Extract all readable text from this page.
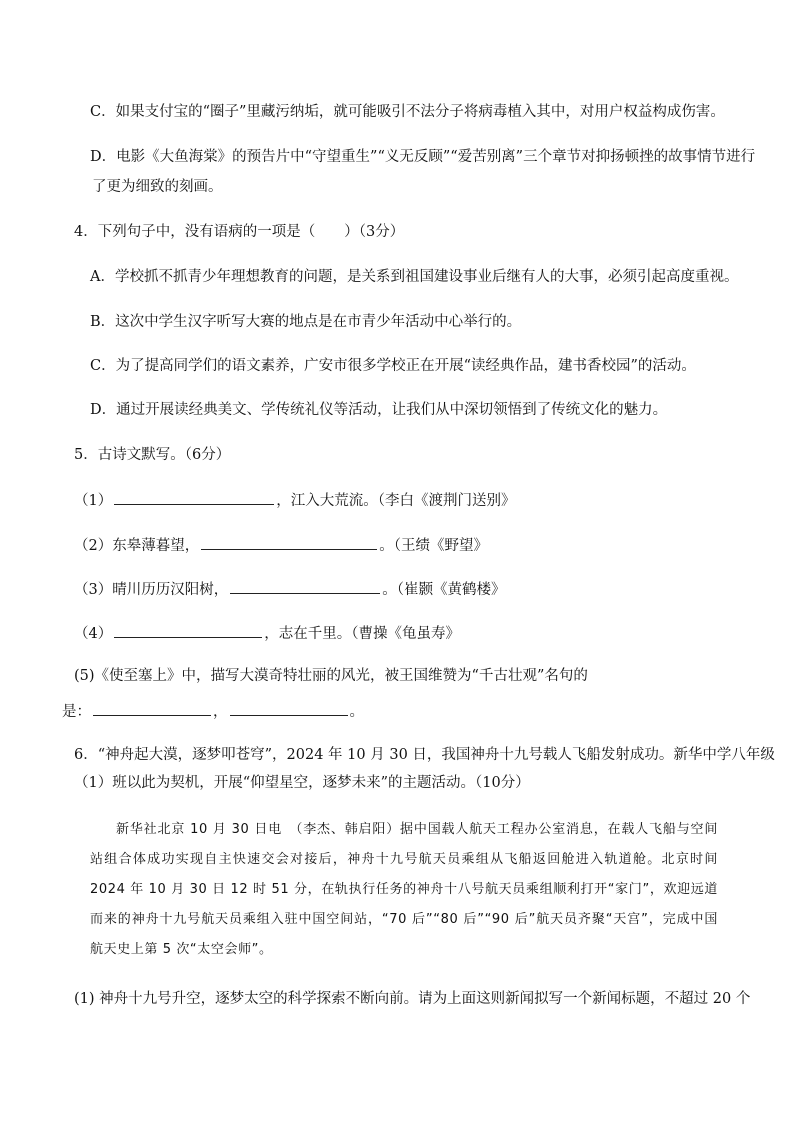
C．如果支付宝的“圈子”里藏污纳垢，就可能吸引不法分子将病毒植入其中，对用户权益构成伤害。
D．电影《大鱼海棠》的预告片中“守望重生”“义无反顾”“爱苦别离”三个章节对抑扬顿挫的故事情节进行
了更为细致的刻画。
4．下列句子中，没有语病的一项是（　　）（3分）
A．学校抓不抓青少年理想教育的问题，是关系到祖国建设事业后继有人的大事，必须引起高度重视。
B．这次中学生汉字听写大赛的地点是在市青少年活动中心举行的。
C．为了提高同学们的语文素养，广安市很多学校正在开展“读经典作品，建书香校园”的活动。
D．通过开展读经典美文、学传统礼仪等活动，让我们从中深切领悟到了传统文化的魅力。
5．古诗文默写。（6分）
（1）	，江入大荒流。（李白《渡荆门送别》
（2）东皋薄暮望，	。（王绩《野望》
（3）晴川历历汉阳树，	。（崔颢《黄鹤楼》
（4）	，志在千里。（曹操《龟虽寿》
(5)《使至塞上》中，描写大漠奇特壮丽的风光，被王国维赞为“千古壮观”名句的
是：	，	。
6．“神舟起大漠，逐梦叩苍穹”，2024 年 10 月 30 日，我国神舟十九号载人飞船发射成功。新华中学八年级
（1）班以此为契机，开展“仰望星空，逐梦未来”的主题活动。（10分）
新华社北京 10 月 30 日电　（李杰、韩启阳）据中国载人航天工程办公室消息，在载人飞船与空间站组合体成功实现自主快速交会对接后，神舟十九号航天员乘组从飞船返回舱进入轨道舱。北京时间 2024 年 10 月 30 日 12 时 51 分，在轨执行任务的神舟十八号航天员乘组顺利打开“家门”，欢迎远道而来的神舟十九号航天员乘组入驻中国空间站，“70 后”“80 后”“90 后”航天员齐聚“天宫”，完成中国航天史上第 5 次“太空会师”。
(1) 神舟十九号升空，逐梦太空的科学探索不断向前。请为上面这则新闻拟写一个新闻标题，不超过 20 个
